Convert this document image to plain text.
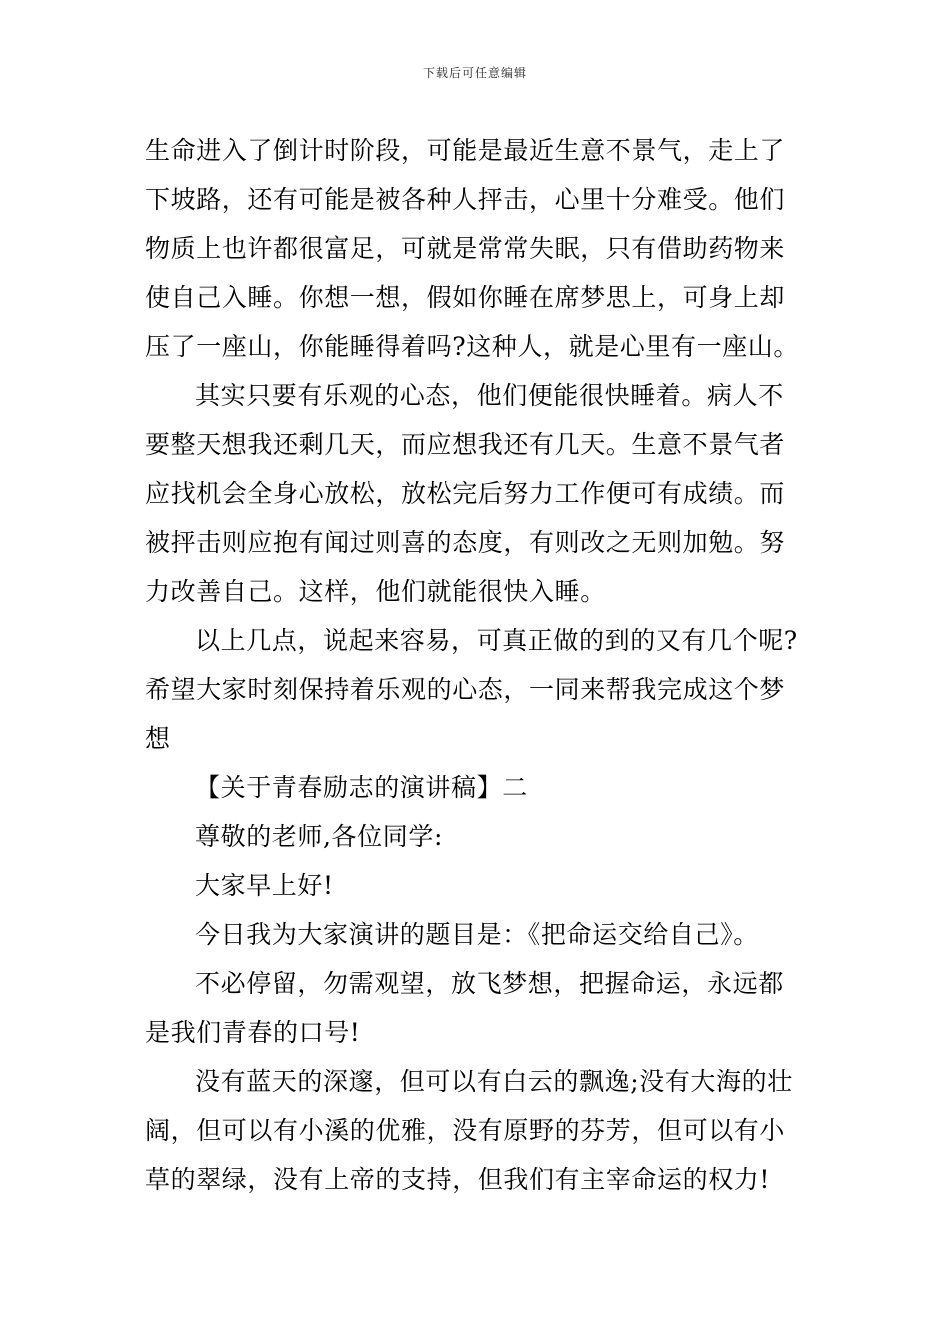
下载后可任意编辑
生命进入了倒计时阶段，可能是最近生意不景气，走上了
下坡路，还有可能是被各种人抨击，心里十分难受。他们
物质上也许都很富足，可就是常常失眠，只有借助药物来
使自己入睡。你想一想，假如你睡在席梦思上，可身上却
压了一座山，你能睡得着吗?这种人，就是心里有一座山。
其实只要有乐观的心态，他们便能很快睡着。病人不
要整天想我还剩几天，而应想我还有几天。生意不景气者
应找机会全身心放松，放松完后努力工作便可有成绩。而
被抨击则应抱有闻过则喜的态度，有则改之无则加勉。努
力改善自己。这样，他们就能很快入睡。
以上几点，说起来容易，可真正做的到的又有几个呢?
希望大家时刻保持着乐观的心态，一同来帮我完成这个梦
想
【关于青春励志的演讲稿】二
尊敬的老师,各位同学:
大家早上好!
今日我为大家演讲的题目是：《把命运交给自己》。
不必停留，勿需观望，放飞梦想，把握命运，永远都
是我们青春的口号!
没有蓝天的深邃，但可以有白云的飘逸;没有大海的壮
阔，但可以有小溪的优雅，没有原野的芬芳，但可以有小
草的翠绿，没有上帝的支持，但我们有主宰命运的权力!
